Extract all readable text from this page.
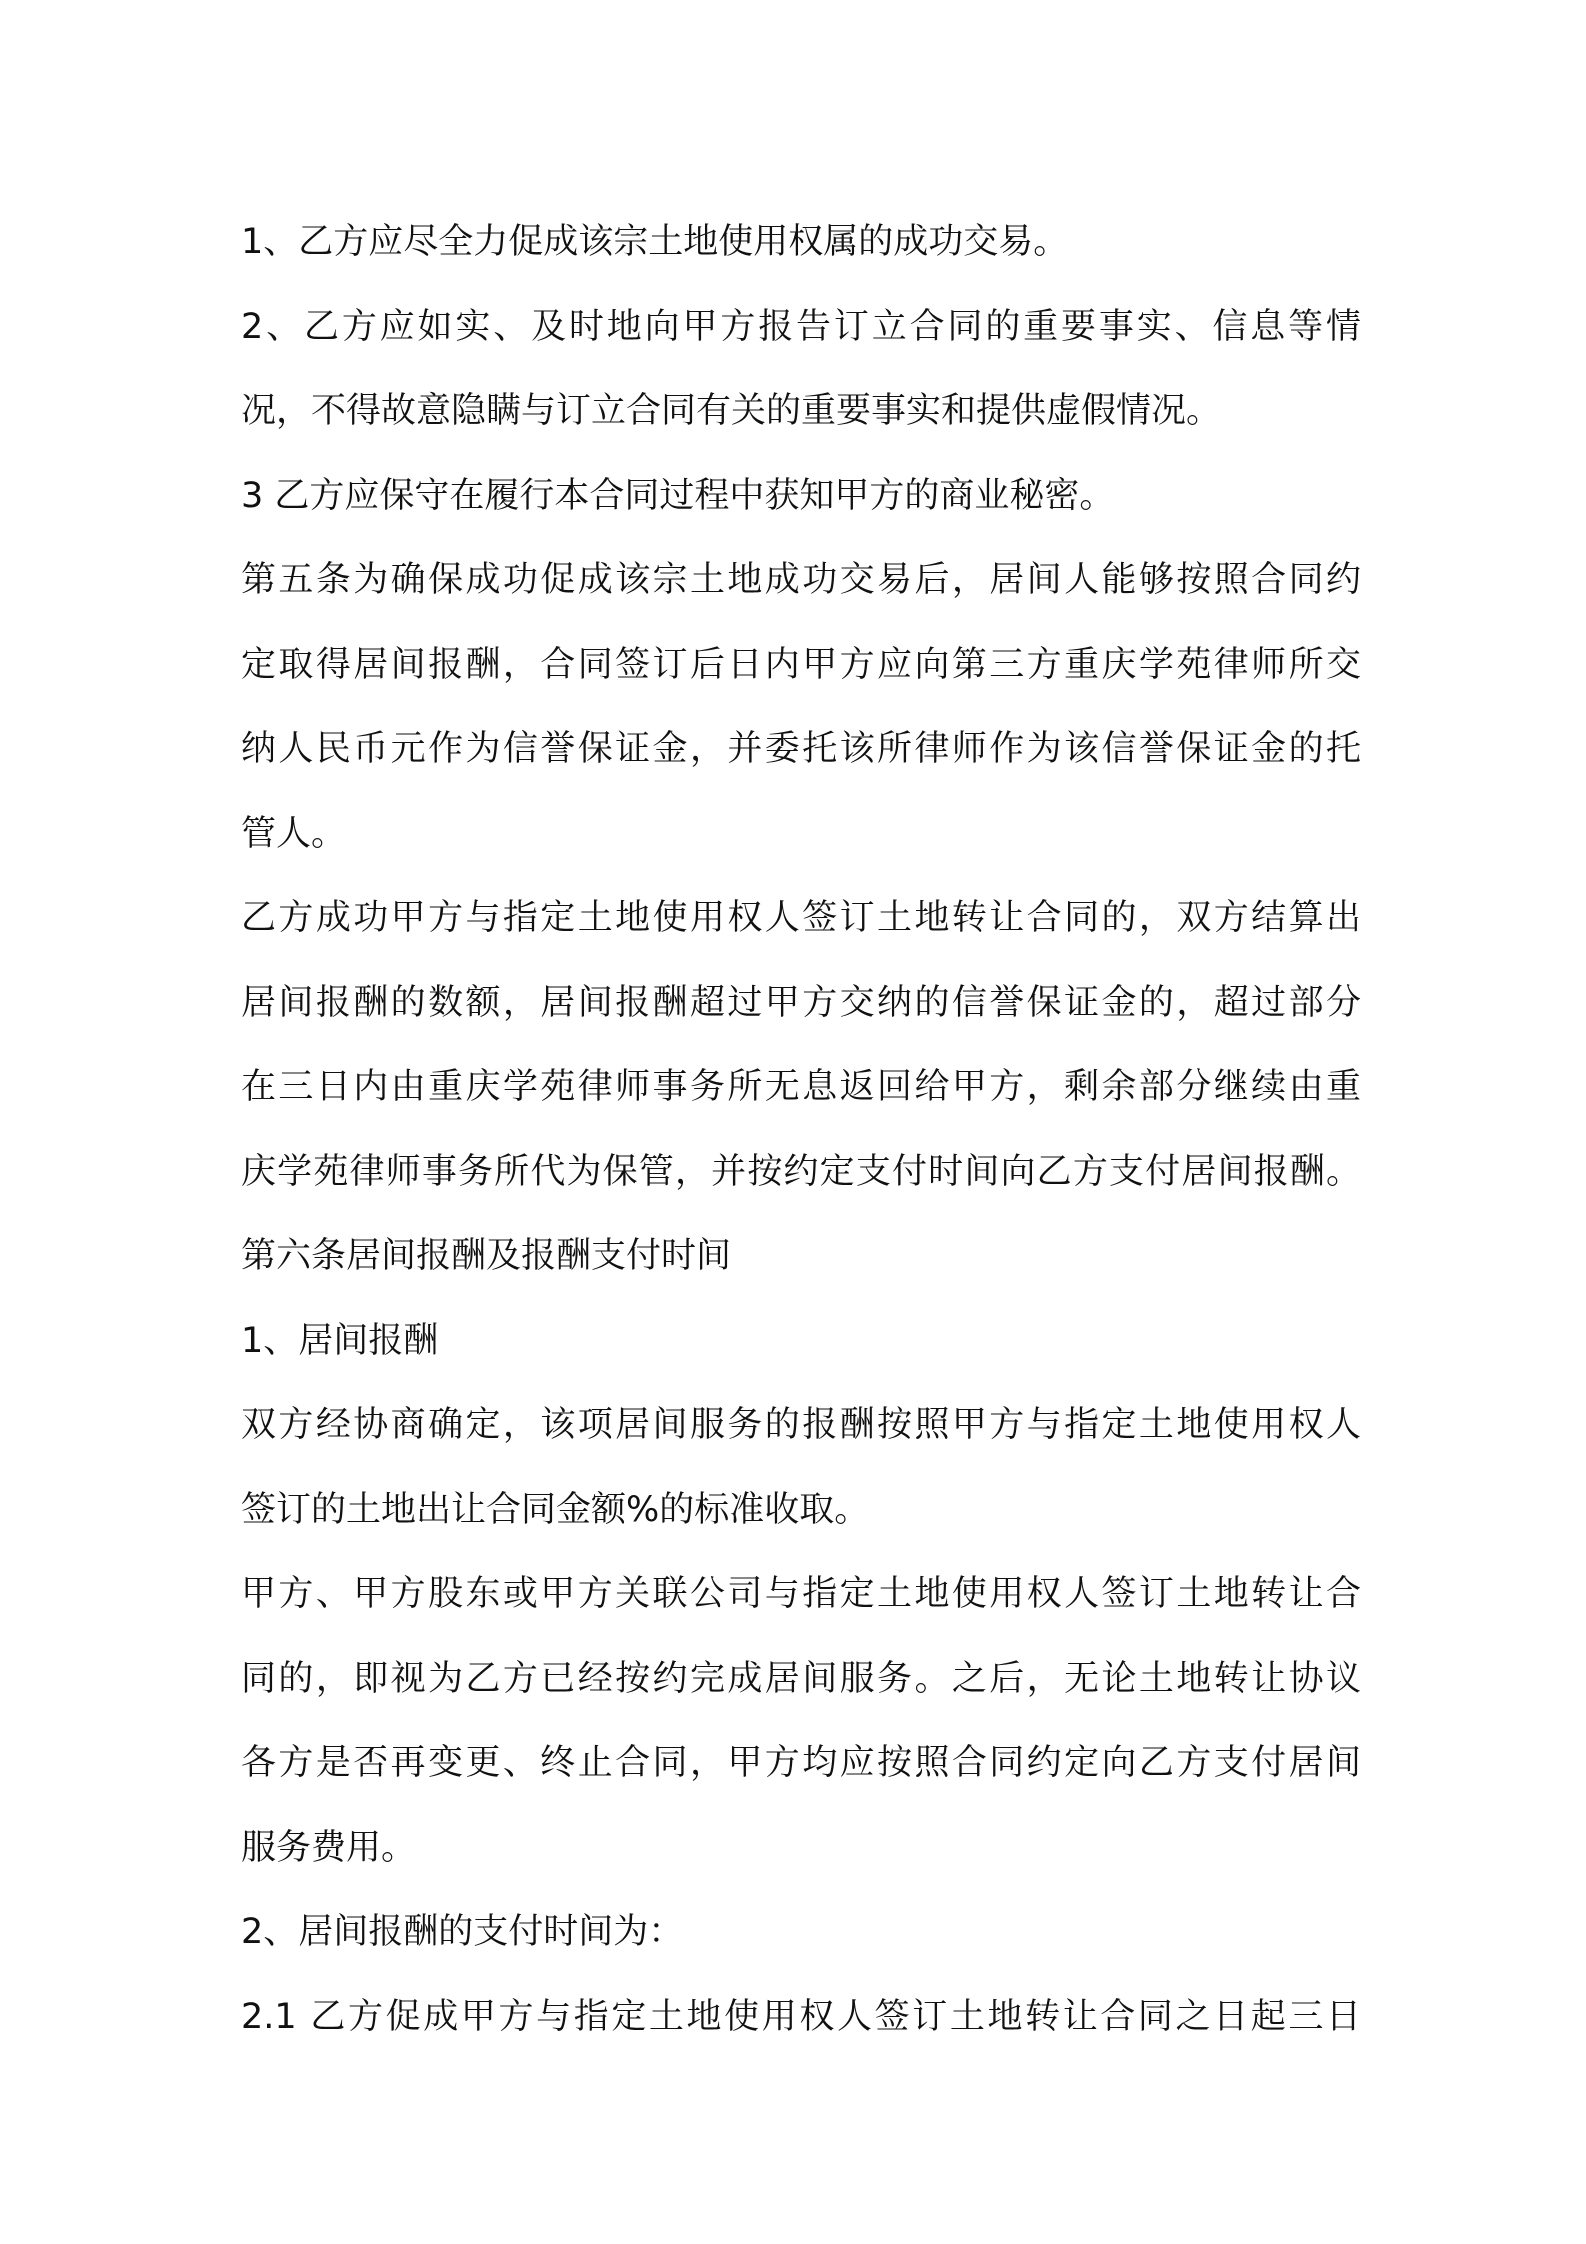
1、乙方应尽全力促成该宗土地使用权属的成功交易。
2、乙方应如实、及时地向甲方报告订立合同的重要事实、信息等情
况，不得故意隐瞒与订立合同有关的重要事实和提供虚假情况。
3 乙方应保守在履行本合同过程中获知甲方的商业秘密。
第五条为确保成功促成该宗土地成功交易后，居间人能够按照合同约
定取得居间报酬，合同签订后日内甲方应向第三方重庆学苑律师所交
纳人民币元作为信誉保证金，并委托该所律师作为该信誉保证金的托
管人。
乙方成功甲方与指定土地使用权人签订土地转让合同的，双方结算出
居间报酬的数额，居间报酬超过甲方交纳的信誉保证金的，超过部分
在三日内由重庆学苑律师事务所无息返回给甲方，剩余部分继续由重
庆学苑律师事务所代为保管，并按约定支付时间向乙方支付居间报酬。
第六条居间报酬及报酬支付时间
1、居间报酬
双方经协商确定，该项居间服务的报酬按照甲方与指定土地使用权人
签订的土地出让合同金额%的标准收取。
甲方、甲方股东或甲方关联公司与指定土地使用权人签订土地转让合
同的，即视为乙方已经按约完成居间服务。之后，无论土地转让协议
各方是否再变更、终止合同，甲方均应按照合同约定向乙方支付居间
服务费用。
2、居间报酬的支付时间为：
2.1 乙方促成甲方与指定土地使用权人签订土地转让合同之日起三日
